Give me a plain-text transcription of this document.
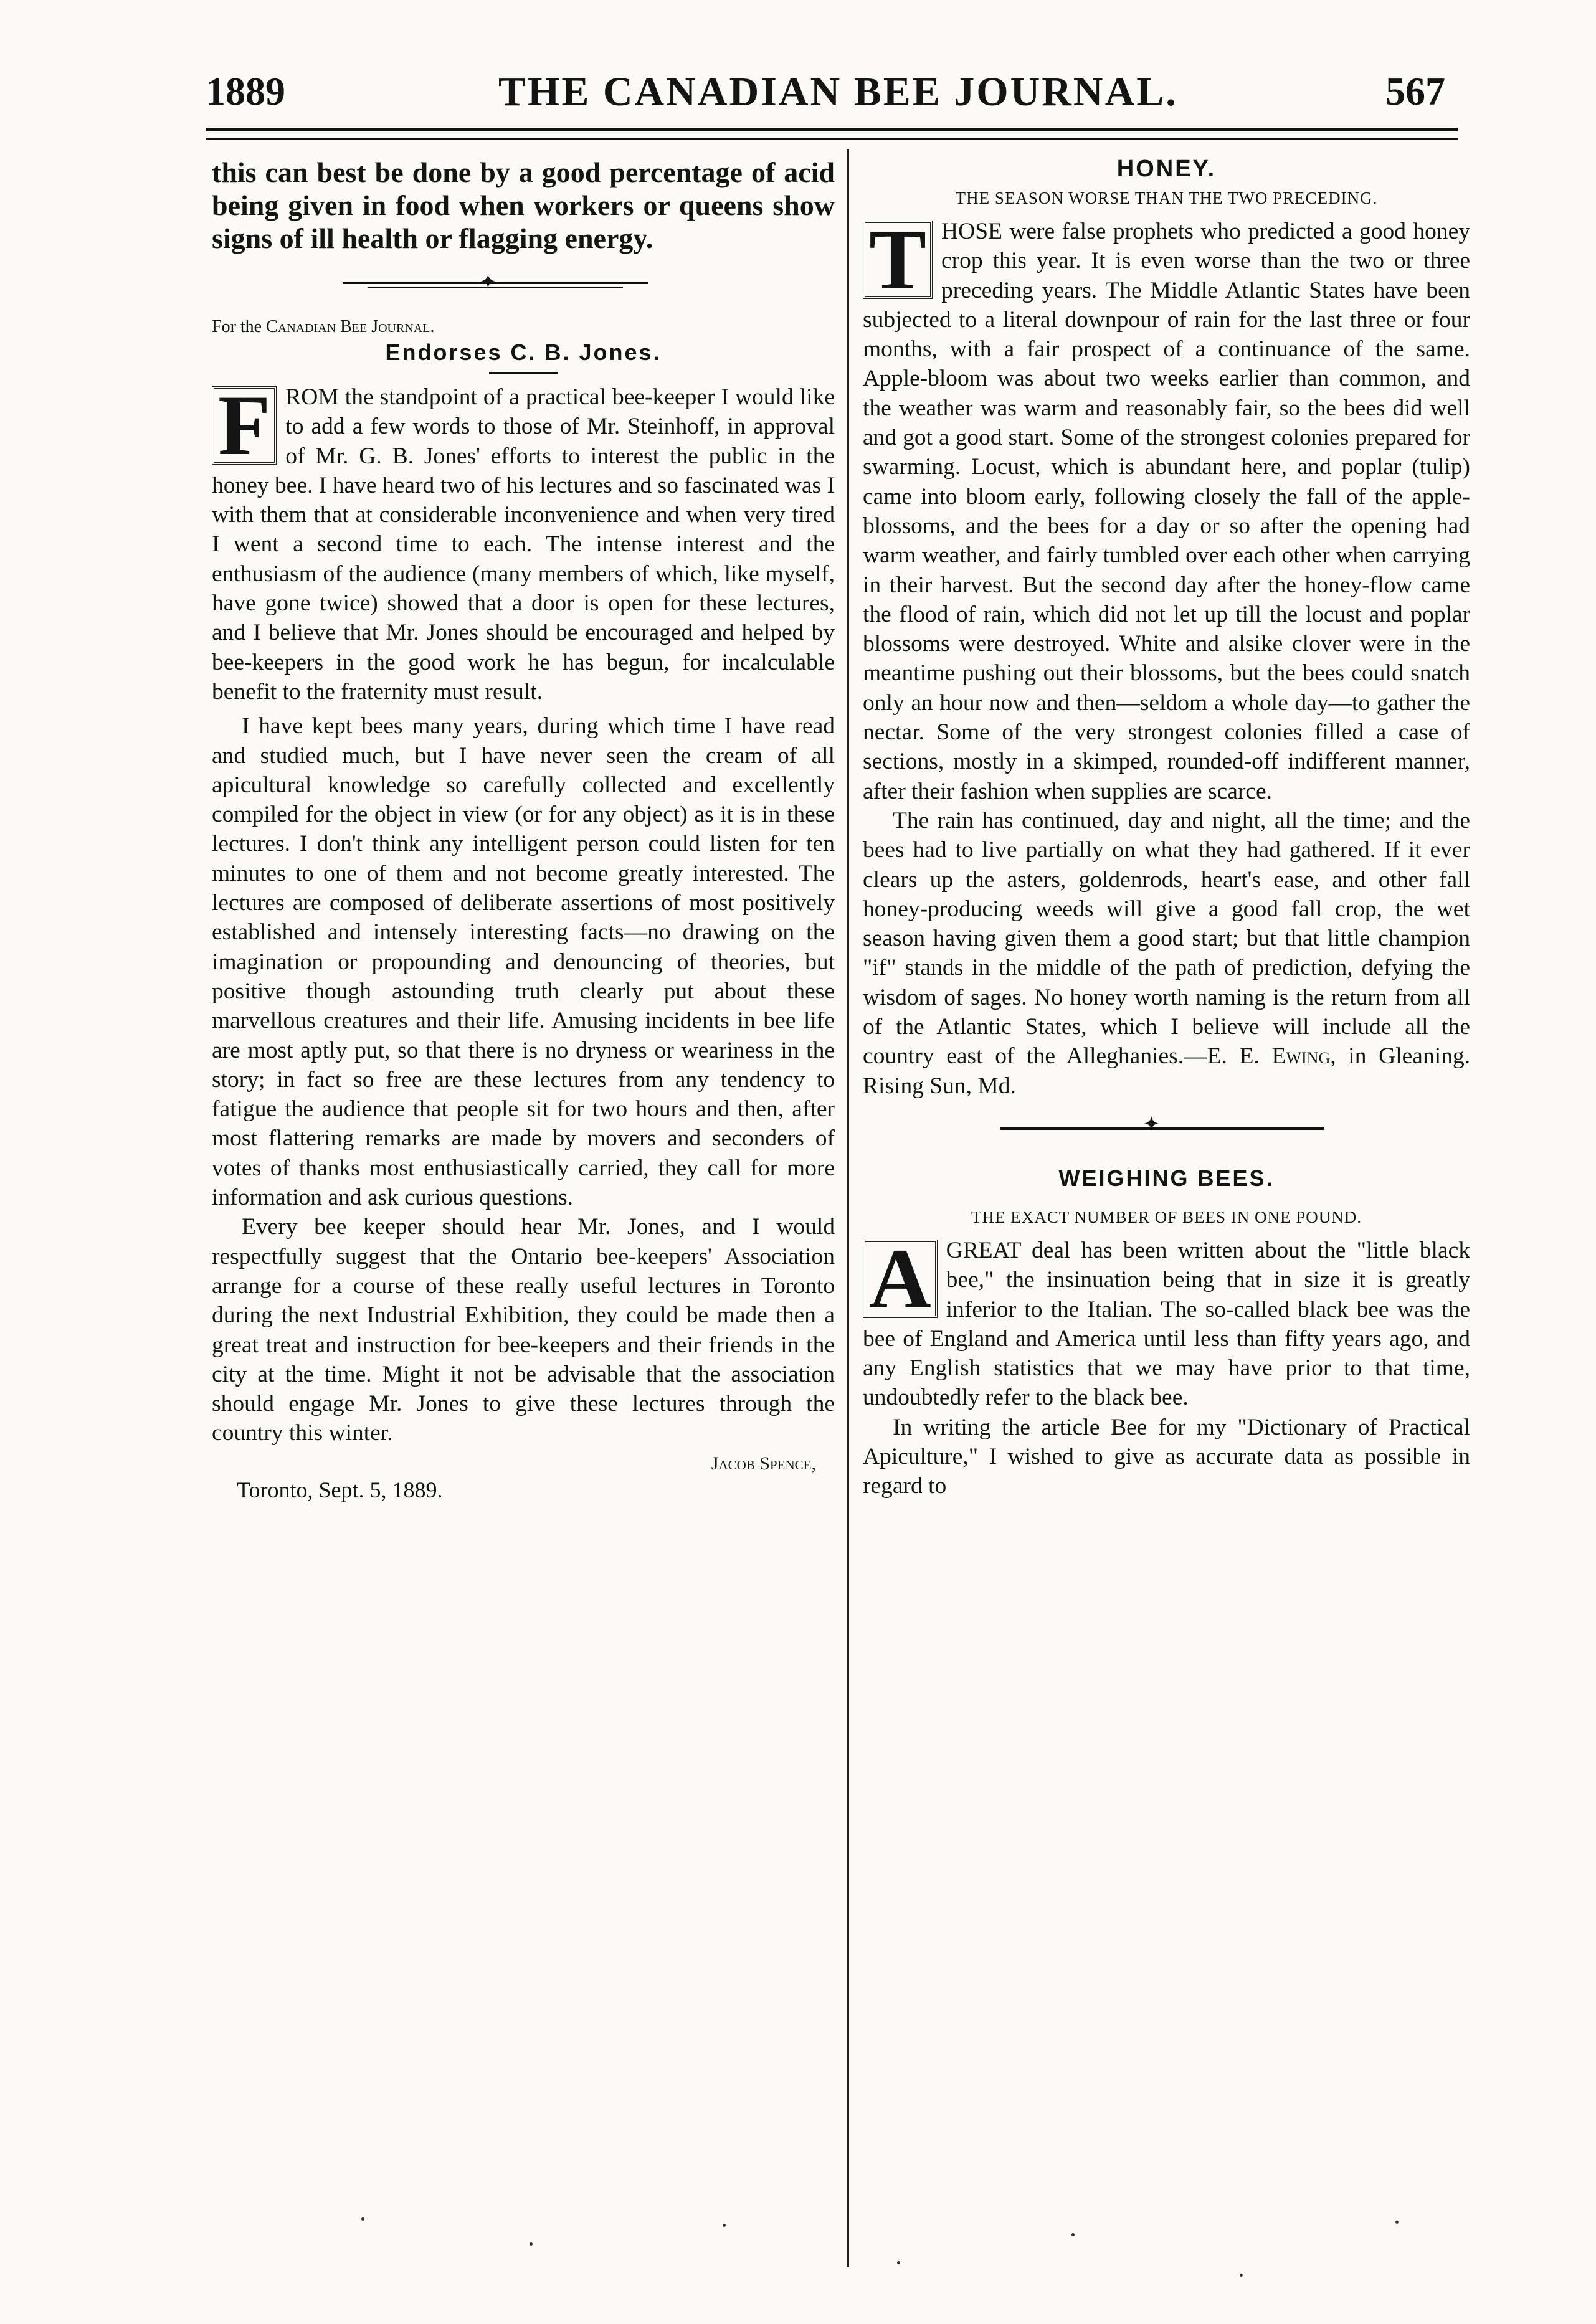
1889	THE CANADIAN BEE JOURNAL.	567

this can best be done by a good percentage of acid being given in food when workers or queens show signs of ill health or flagging energy.

✦

For the Canadian Bee Journal.

Endorses C. B. Jones.

F ROM the standpoint of a practical bee-keeper I would like to add a few words to those of Mr. Steinhoff, in approval of Mr. G. B. Jones' efforts to interest the public in the honey bee. I have heard two of his lectures and so fascinated was I with them that at considerable inconvenience and when very tired I went a second time to each. The intense interest and the enthusiasm of the audience (many members of which, like myself, have gone twice) showed that a door is open for these lectures, and I believe that Mr. Jones should be encouraged and helped by bee-keepers in the good work he has begun, for incalculable benefit to the fraternity must result.

I have kept bees many years, during which time I have read and studied much, but I have never seen the cream of all apicultural knowledge so carefully collected and excellently compiled for the object in view (or for any object) as it is in these lectures. I don't think any intelligent person could listen for ten minutes to one of them and not become greatly interested. The lectures are composed of deliberate assertions of most positively established and intensely interesting facts—no drawing on the imagination or propounding and denouncing of theories, but positive though astounding truth clearly put about these marvellous creatures and their life. Amusing incidents in bee life are most aptly put, so that there is no dryness or weariness in the story; in fact so free are these lectures from any tendency to fatigue the audience that people sit for two hours and then, after most flattering remarks are made by movers and seconders of votes of thanks most enthusiastically carried, they call for more information and ask curious questions.

Every bee keeper should hear Mr. Jones, and I would respectfully suggest that the Ontario bee-keepers' Association arrange for a course of these really useful lectures in Toronto during the next Industrial Exhibition, they could be made then a great treat and instruction for bee-keepers and their friends in the city at the time. Might it not be advisable that the association should engage Mr. Jones to give these lectures through the country this winter.

Jacob Spence,

Toronto, Sept. 5, 1889.

HONEY.

THE SEASON WORSE THAN THE TWO PRECEDING.

T HOSE were false prophets who predicted a good honey crop this year. It is even worse than the two or three preceding years. The Middle Atlantic States have been subjected to a literal downpour of rain for the last three or four months, with a fair prospect of a continuance of the same. Apple-bloom was about two weeks earlier than common, and the weather was warm and reasonably fair, so the bees did well and got a good start. Some of the strongest colonies prepared for swarming. Locust, which is abundant here, and poplar (tulip) came into bloom early, following closely the fall of the apple-blossoms, and the bees for a day or so after the opening had warm weather, and fairly tumbled over each other when carrying in their harvest. But the second day after the honey-flow came the flood of rain, which did not let up till the locust and poplar blossoms were destroyed. White and alsike clover were in the meantime pushing out their blossoms, but the bees could snatch only an hour now and then—seldom a whole day—to gather the nectar. Some of the very strongest colonies filled a case of sections, mostly in a skimped, rounded-off indifferent manner, after their fashion when supplies are scarce.

The rain has continued, day and night, all the time; and the bees had to live partially on what they had gathered. If it ever clears up the asters, goldenrods, heart's ease, and other fall honey-producing weeds will give a good fall crop, the wet season having given them a good start; but that little champion "if" stands in the middle of the path of prediction, defying the wisdom of sages. No honey worth naming is the return from all of the Atlantic States, which I believe will include all the country east of the Alleghanies.—E. E. Ewing, in Gleaning. Rising Sun, Md.

✦
WEIGHING BEES.

THE EXACT NUMBER OF BEES IN ONE POUND.

A GREAT deal has been written about the "little black bee," the insinuation being that in size it is greatly inferior to the Italian. The so-called black bee was the bee of England and America until less than fifty years ago, and any English statistics that we may have prior to that time, undoubtedly refer to the black bee.

In writing the article Bee for my "Dictionary of Practical Apiculture," I wished to give as accurate data as possible in regard to
